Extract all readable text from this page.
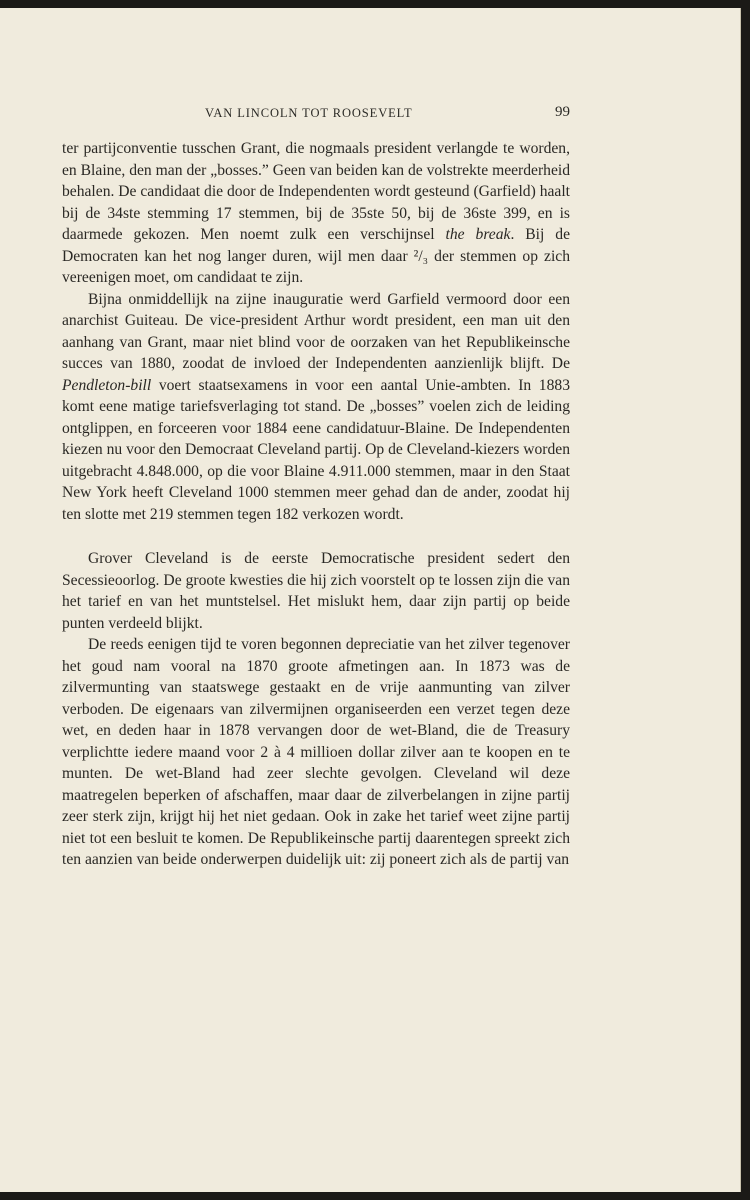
VAN LINCOLN TOT ROOSEVELT	99

ter partijconventie tusschen Grant, die nogmaals president verlangde te worden, en Blaine, den man der „bosses.” Geen van beiden kan de volstrekte meerderheid behalen. De candidaat die door de Independenten wordt gesteund (Garfield) haalt bij de 34ste stemming 17 stemmen, bij de 35ste 50, bij de 36ste 399, en is daarmede gekozen. Men noemt zulk een verschijnsel the break. Bij de Democraten kan het nog langer duren, wijl men daar ²/₃ der stemmen op zich vereenigen moet, om candidaat te zijn.

Bijna onmiddellijk na zijne inauguratie werd Garfield vermoord door een anarchist Guiteau. De vice-president Arthur wordt president, een man uit den aanhang van Grant, maar niet blind voor de oorzaken van het Republikeinsche succes van 1880, zoodat de invloed der Independenten aanzienlijk blijft. De Pendleton-bill voert staatsexamens in voor een aantal Unie-ambten. In 1883 komt eene matige tariefsverlaging tot stand. De „bosses” voelen zich de leiding ontglippen, en forceeren voor 1884 eene candidatuur-Blaine. De Independenten kiezen nu voor den Democraat Cleveland partij. Op de Cleveland-kiezers worden uitgebracht 4.848.000, op die voor Blaine 4.911.000 stemmen, maar in den Staat New York heeft Cleveland 1000 stemmen meer gehad dan de ander, zoodat hij ten slotte met 219 stemmen tegen 182 verkozen wordt.

Grover Cleveland is de eerste Democratische president sedert den Secessieoorlog. De groote kwesties die hij zich voorstelt op te lossen zijn die van het tarief en van het muntstelsel. Het mislukt hem, daar zijn partij op beide punten verdeeld blijkt.

De reeds eenigen tijd te voren begonnen depreciatie van het zilver tegenover het goud nam vooral na 1870 groote afmetingen aan. In 1873 was de zilvermunting van staatswege gestaakt en de vrije aanmunting van zilver verboden. De eigenaars van zilvermijnen organiseerden een verzet tegen deze wet, en deden haar in 1878 vervangen door de wet-Bland, die de Treasury verplichtte iedere maand voor 2 à 4 millioen dollar zilver aan te koopen en te munten. De wet-Bland had zeer slechte gevolgen. Cleveland wil deze maatregelen beperken of afschaffen, maar daar de zilverbelangen in zijne partij zeer sterk zijn, krijgt hij het niet gedaan. Ook in zake het tarief weet zijne partij niet tot een besluit te komen. De Republikeinsche partij daarentegen spreekt zich ten aanzien van beide onderwerpen duidelijk uit: zij poneert zich als de partij van
